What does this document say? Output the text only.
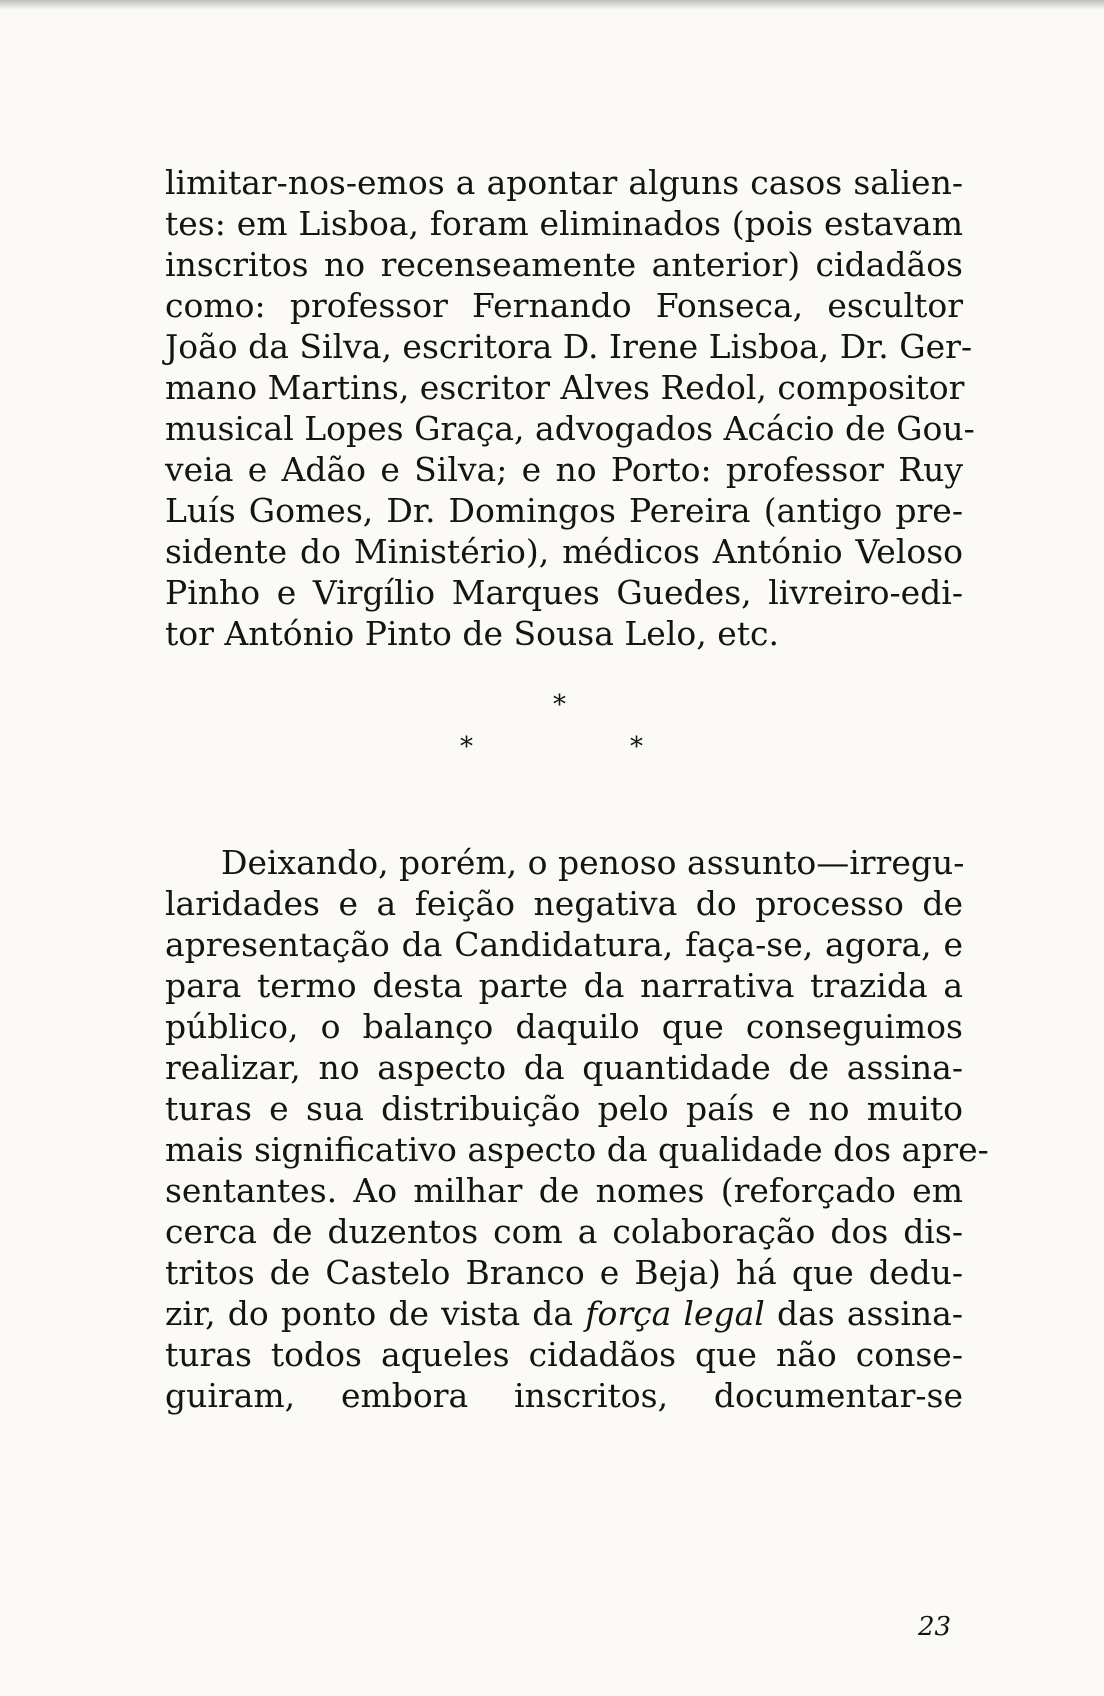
limitar-nos-emos a apontar alguns casos salien-
tes: em Lisboa, foram eliminados (pois estavam
inscritos no recenseamente anterior) cidadãos
como: professor Fernando Fonseca, escultor
João da Silva, escritora D. Irene Lisboa, Dr. Ger-
mano Martins, escritor Alves Redol, compositor
musical Lopes Graça, advogados Acácio de Gou-
veia e Adão e Silva; e no Porto: professor Ruy
Luís Gomes, Dr. Domingos Pereira (antigo pre-
sidente do Ministério), médicos António Veloso
Pinho e Virgílio Marques Guedes, livreiro-edi-
tor António Pinto de Sousa Lelo, etc.

*
*	*

Deixando, porém, o penoso assunto—irregu-
laridades e a feição negativa do processo de
apresentação da Candidatura, faça-se, agora, e
para termo desta parte da narrativa trazida a
público, o balanço daquilo que conseguimos
realizar, no aspecto da quantidade de assina-
turas e sua distribuição pelo país e no muito
mais significativo aspecto da qualidade dos apre-
sentantes. Ao milhar de nomes (reforçado em
cerca de duzentos com a colaboração dos dis-
tritos de Castelo Branco e Beja) há que dedu-
zir, do ponto de vista da força legal das assina-
turas todos aqueles cidadãos que não conse-
guiram, embora inscritos, documentar-se

23
